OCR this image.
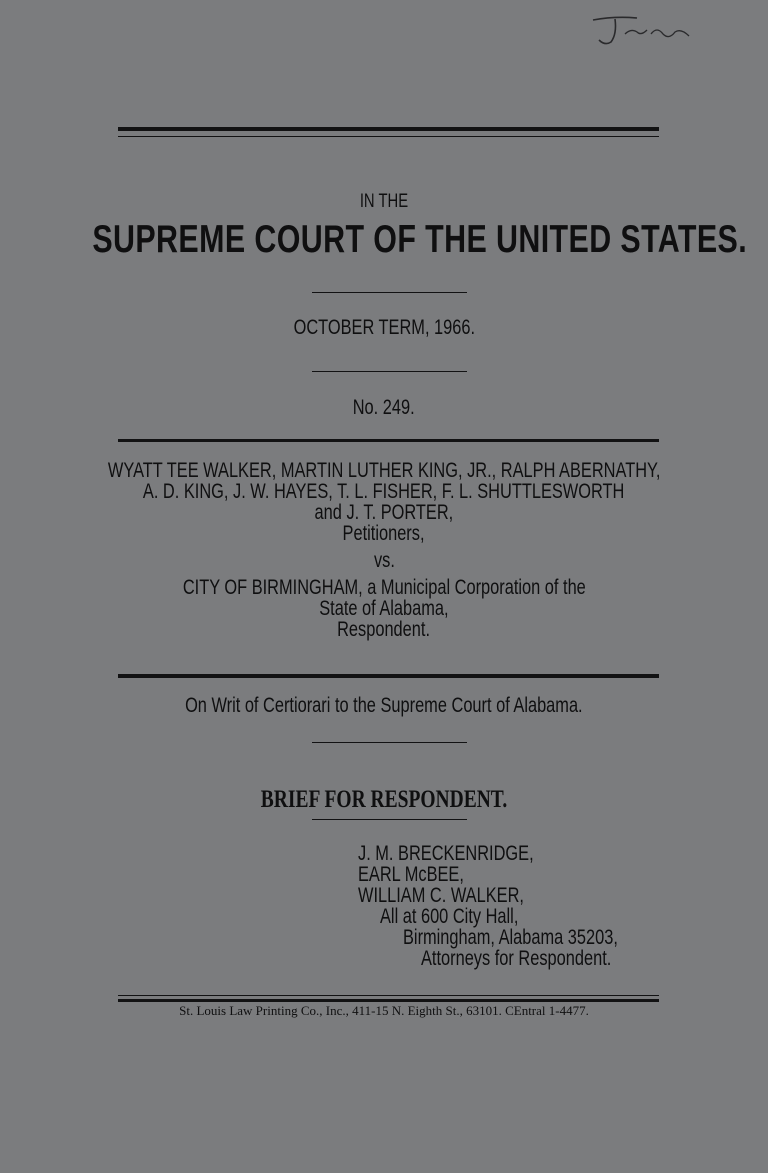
IN THE
SUPREME COURT OF THE UNITED STATES.
OCTOBER TERM, 1966.
No. 249.
WYATT TEE WALKER, MARTIN LUTHER KING, JR., RALPH ABERNATHY,
A. D. KING, J. W. HAYES, T. L. FISHER, F. L. SHUTTLESWORTH
and J. T. PORTER,
Petitioners,
vs.
CITY OF BIRMINGHAM, a Municipal Corporation of the
State of Alabama,
Respondent.
On Writ of Certiorari to the Supreme Court of Alabama.
BRIEF FOR RESPONDENT.
J. M. BRECKENRIDGE,
EARL McBEE,
WILLIAM C. WALKER,
All at 600 City Hall,
Birmingham, Alabama 35203,
Attorneys for Respondent.
St. Louis Law Printing Co., Inc., 411-15 N. Eighth St., 63101. CEntral 1-4477.
